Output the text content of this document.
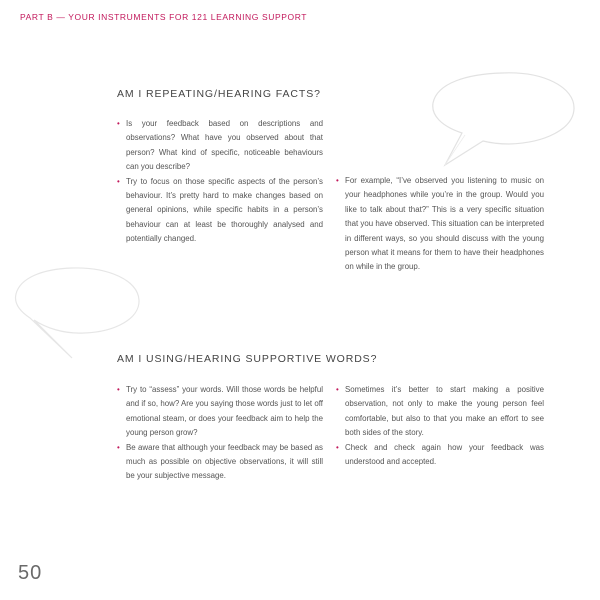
PART B — YOUR INSTRUMENTS FOR 121 LEARNING SUPPORT
AM I REPEATING/HEARING FACTS?
• Is your feedback based on descriptions and observations? What have you observed about that person? What kind of specific, noticeable behaviours can you describe?
• Try to focus on those specific aspects of the person’s behaviour. It’s pretty hard to make changes based on general opinions, while specific habits in a person’s behaviour can at least be thoroughly analysed and potentially changed.
• For example, “I’ve observed you listening to music on your headphones while you’re in the group. Would you like to talk about that?” This is a very specific situation that you have observed. This situation can be interpreted in different ways, so you should discuss with the young person what it means for them to have their headphones on while in the group.
AM I USING/HEARING SUPPORTIVE WORDS?
• Try to “assess” your words. Will those words be helpful and if so, how? Are you saying those words just to let off emotional steam, or does your feedback aim to help the young person grow?
• Be aware that although your feedback may be based as much as possible on objective observations, it will still be your subjective message.
• Sometimes it’s better to start making a positive observation, not only to make the young person feel comfortable, but also to that you make an effort to see both sides of the story.
• Check and check again how your feedback was understood and accepted.
50
